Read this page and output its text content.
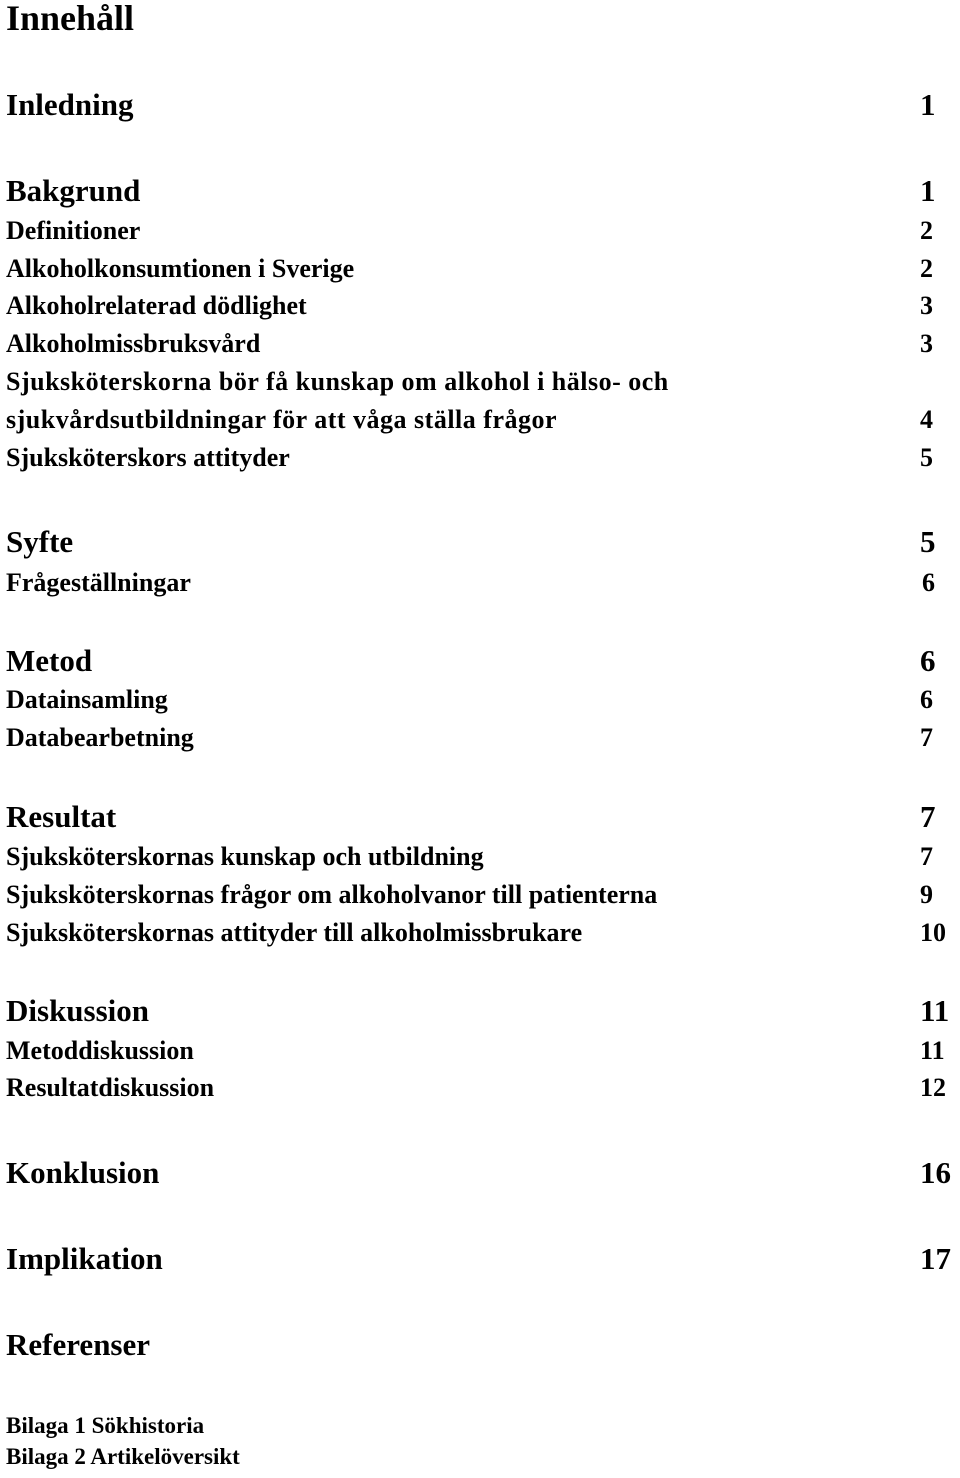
Innehåll
Inledning	1
Bakgrund	1
Definitioner	2
Alkoholkonsumtionen i Sverige	2
Alkoholrelaterad dödlighet	3
Alkoholmissbruksvård	3
Sjuksköterskorna bör få kunskap om alkohol i hälso- och
sjukvårdsutbildningar för att våga ställa frågor	4
Sjuksköterskors attityder	5
Syfte	5
Frågeställningar	6
Metod	6
Datainsamling	6
Databearbetning	7
Resultat	7
Sjuksköterskornas kunskap och utbildning	7
Sjuksköterskornas frågor om alkoholvanor till patienterna	9
Sjuksköterskornas attityder till alkoholmissbrukare	10
Diskussion	11
Metoddiskussion	11
Resultatdiskussion	12
Konklusion	16
Implikation	17
Referenser
Bilaga 1 Sökhistoria
Bilaga 2 Artikelöversikt
